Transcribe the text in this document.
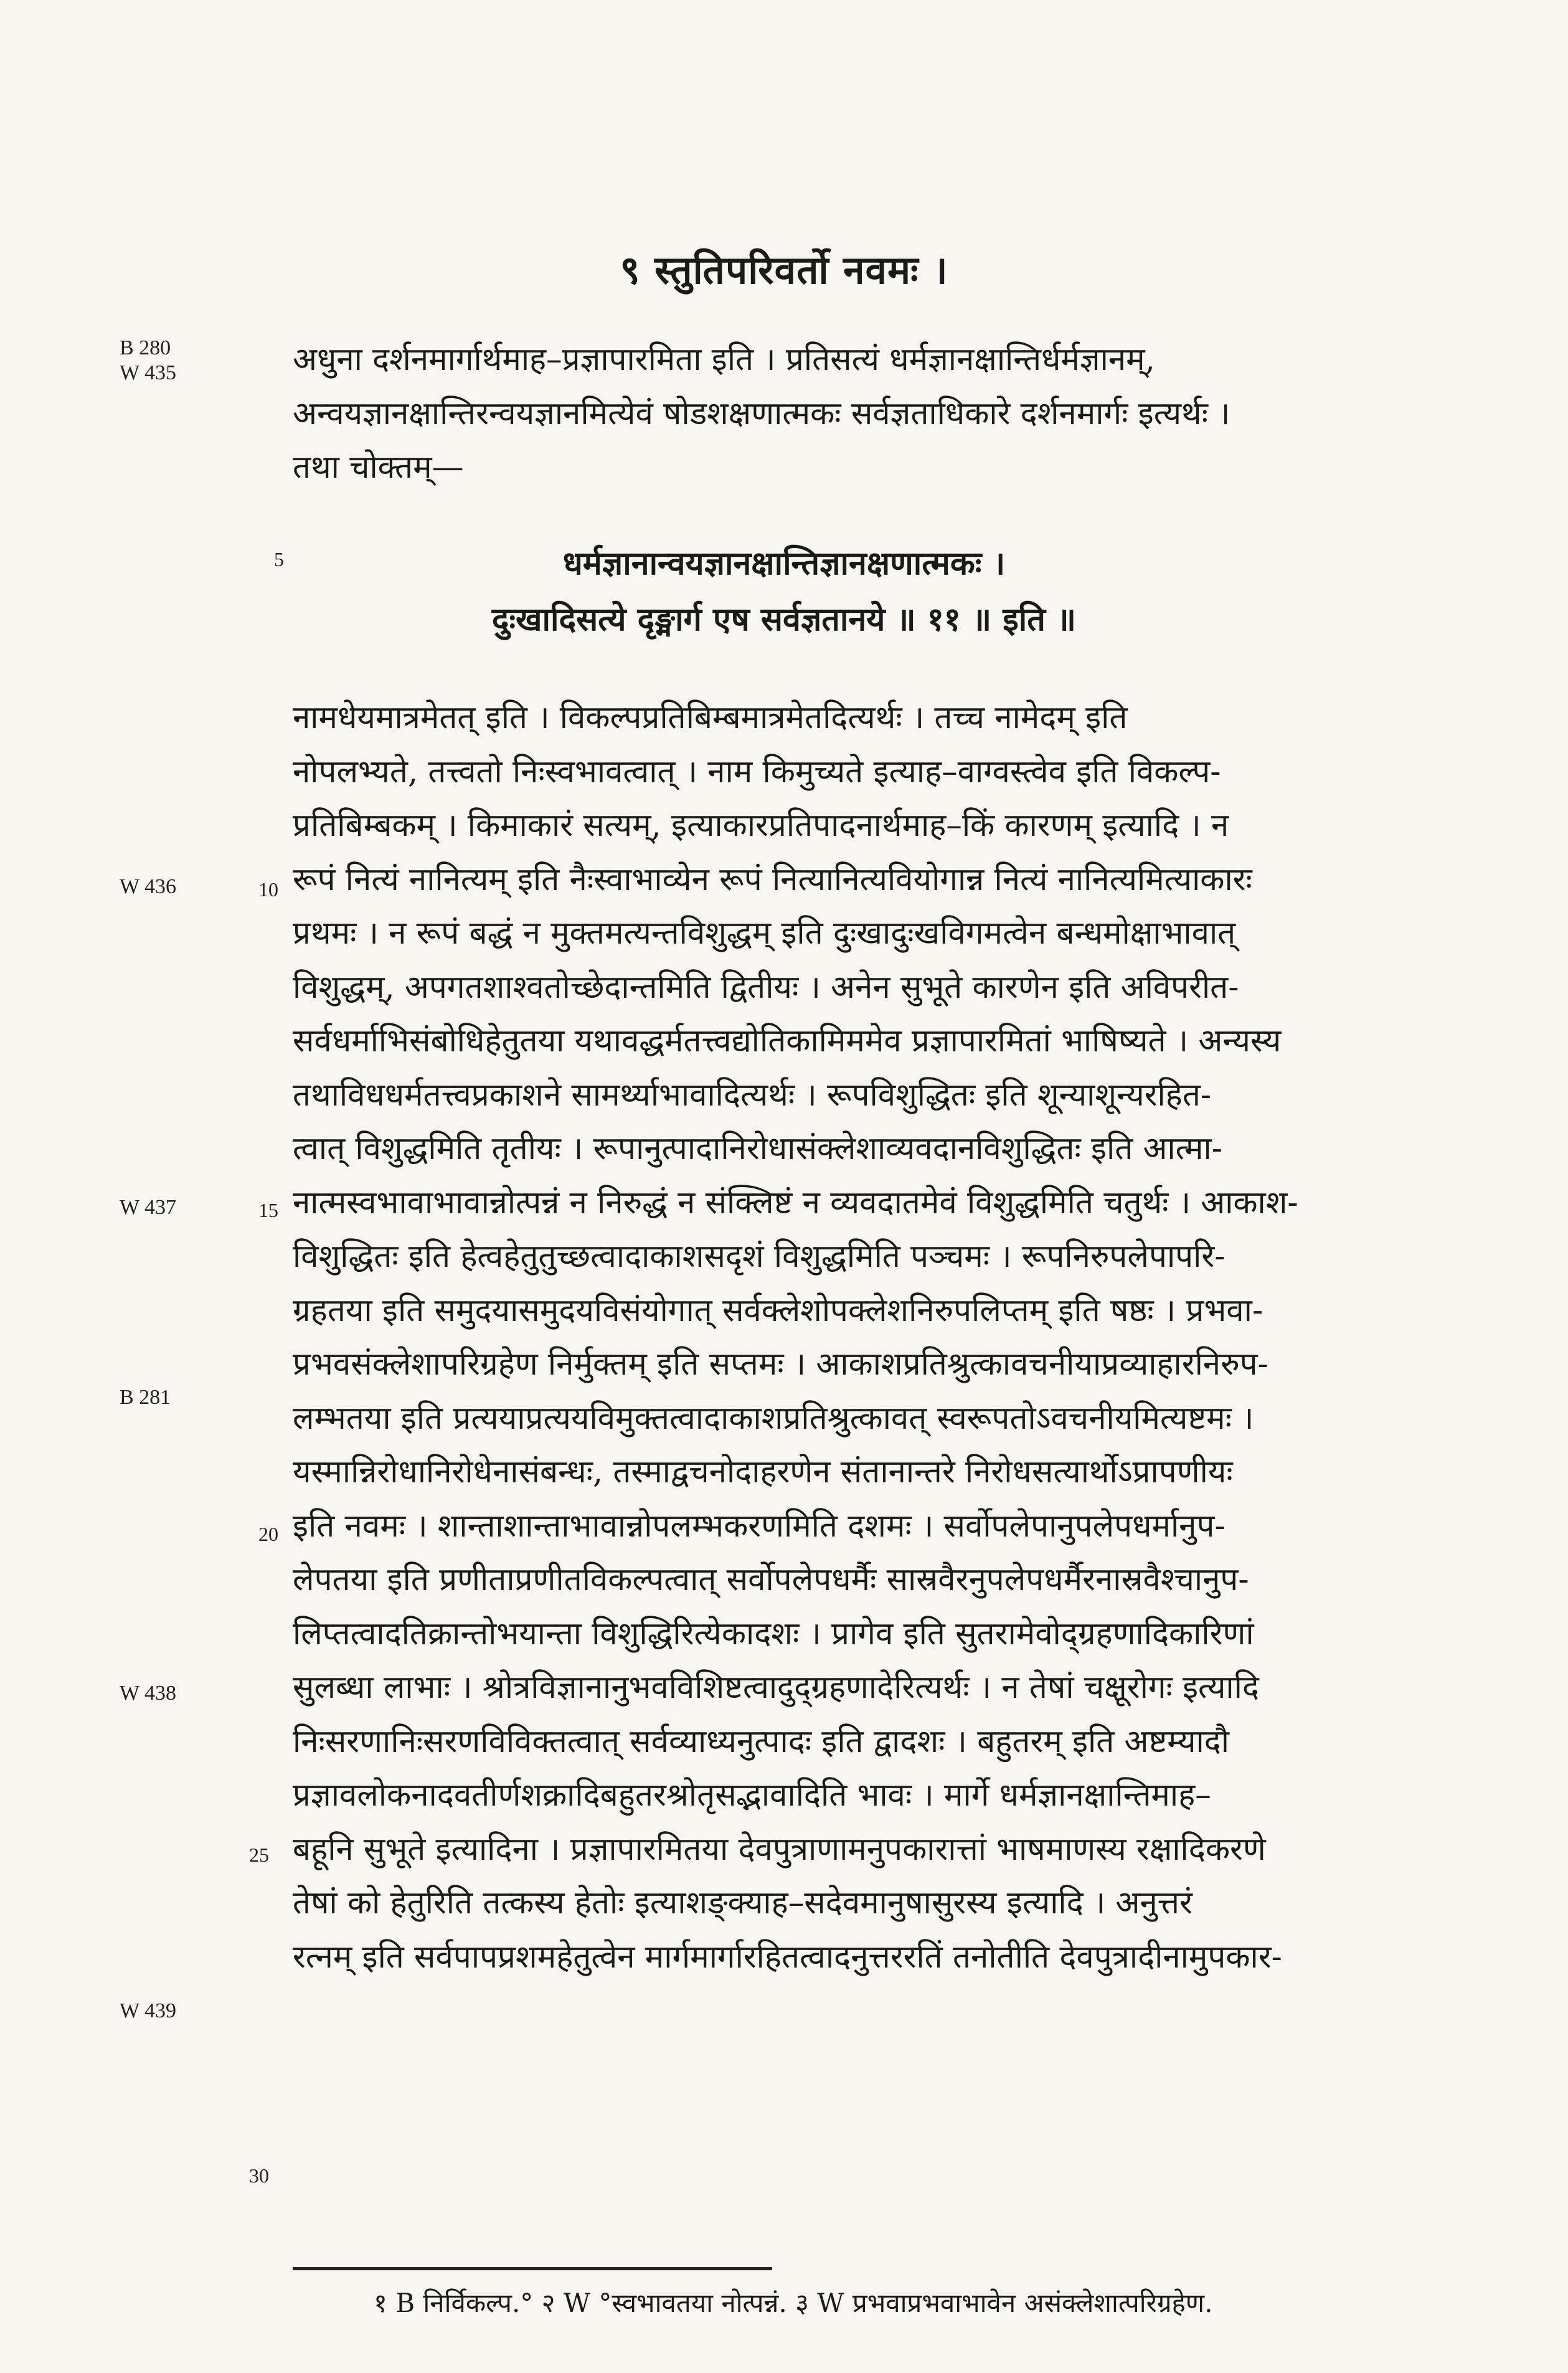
९ स्तुतिपरिवर्तो नवमः ।
B 280
W 435
W 436
W 437
B 281
W 438
W 439
5
10
15
20
25
30
अधुना दर्शनमार्गार्थमाह–प्रज्ञापारमिता इति । प्रतिसत्यं धर्मज्ञानक्षान्तिर्धर्मज्ञानम्,
अन्वयज्ञानक्षान्तिरन्वयज्ञानमित्येवं षोडशक्षणात्मकः सर्वज्ञताधिकारे दर्शनमार्गः इत्यर्थः ।
तथा चोक्तम्—
धर्मज्ञानान्वयज्ञानक्षान्तिज्ञानक्षणात्मकः ।
दुःखादिसत्ये दृङ्मार्ग एष सर्वज्ञतानये ॥ ११ ॥ इति ॥
नामधेयमात्रमेतत् इति । विकल्पप्रतिबिम्बमात्रमेतदित्यर्थः । तच्च नामेदम् इति
नोपलभ्यते, तत्त्वतो निःस्वभावत्वात् । नाम किमुच्यते इत्याह–वाग्वस्त्वेव इति विकल्प-
प्रतिबिम्बकम् । किमाकारं सत्यम्, इत्याकारप्रतिपादनार्थमाह–किं कारणम् इत्यादि । न
रूपं नित्यं नानित्यम् इति नैःस्वाभाव्येन रूपं नित्यानित्यवियोगान्न नित्यं नानित्यमित्याकारः
प्रथमः । न रूपं बद्धं न मुक्तमत्यन्तविशुद्धम् इति दुःखादुःखविगमत्वेन बन्धमोक्षाभावात्
विशुद्धम्, अपगतशाश्वतोच्छेदान्तमिति द्वितीयः । अनेन सुभूते कारणेन इति अविपरीत-
सर्वधर्माभिसंबोधिहेतुतया यथावद्धर्मतत्त्वद्योतिकामिममेव प्रज्ञापारमितां भाषिष्यते । अन्यस्य
तथाविधधर्मतत्त्वप्रकाशने सामर्थ्याभावादित्यर्थः । रूपविशुद्धितः इति शून्याशून्यरहित-
त्वात् विशुद्धमिति तृतीयः । रूपानुत्पादानिरोधासंक्लेशाव्यवदानविशुद्धितः इति आत्मा-
नात्मस्वभावाभावान्नोत्पन्नं न निरुद्धं न संक्लिष्टं न व्यवदातमेवं विशुद्धमिति चतुर्थः । आकाश-
विशुद्धितः इति हेत्वहेतुतुच्छत्वादाकाशसदृशं विशुद्धमिति पञ्चमः । रूपनिरुपलेपापरि-
ग्रहतया इति समुदयासमुदयविसंयोगात् सर्वक्लेशोपक्लेशनिरुपलिप्तम् इति षष्ठः । प्रभवा-
प्रभवसंक्लेशापरिग्रहेण निर्मुक्तम् इति सप्तमः । आकाशप्रतिश्रुत्कावचनीयाप्रव्याहारनिरुप-
लम्भतया इति प्रत्ययाप्रत्ययविमुक्तत्वादाकाशप्रतिश्रुत्कावत् स्वरूपतोऽवचनीयमित्यष्टमः ।
यस्मान्निरोधानिरोधेनासंबन्धः, तस्माद्वचनोदाहरणेन संतानान्तरे निरोधसत्यार्थोऽप्रापणीयः
इति नवमः । शान्ताशान्ताभावान्नोपलम्भकरणमिति दशमः । सर्वोपलेपानुपलेपधर्मानुप-
लेपतया इति प्रणीताप्रणीतविकल्पत्वात् सर्वोपलेपधर्मैः सास्रवैरनुपलेपधर्मैरनास्रवैश्चानुप-
लिप्तत्वादतिक्रान्तोभयान्ता विशुद्धिरित्येकादशः । प्रागेव इति सुतरामेवोद्ग्रहणादिकारिणां
सुलब्धा लाभाः । श्रोत्रविज्ञानानुभवविशिष्टत्वादुद्ग्रहणादेरित्यर्थः । न तेषां चक्षूरोगः इत्यादि
निःसरणानिःसरणविविक्तत्वात् सर्वव्याध्यनुत्पादः इति द्वादशः । बहुतरम् इति अष्टम्यादौ
प्रज्ञावलोकनादवतीर्णशक्रादिबहुतरश्रोतृसद्भावादिति भावः । मार्गे धर्मज्ञानक्षान्तिमाह–
बहूनि सुभूते इत्यादिना । प्रज्ञापारमितया देवपुत्राणामनुपकारात्तां भाषमाणस्य रक्षादिकरणे
तेषां को हेतुरिति तत्कस्य हेतोः इत्याशङ्क्याह–सदेवमानुषासुरस्य इत्यादि । अनुत्तरं
रत्नम् इति सर्वपापप्रशमहेतुत्वेन मार्गमार्गारहितत्वादनुत्तररतिं तनोतीति देवपुत्रादीनामुपकार-
१ B निर्विकल्प.° २ W °स्वभावतया नोत्पन्नं. ३ W प्रभवाप्रभवाभावेन असंक्लेशात्परिग्रहेण.
